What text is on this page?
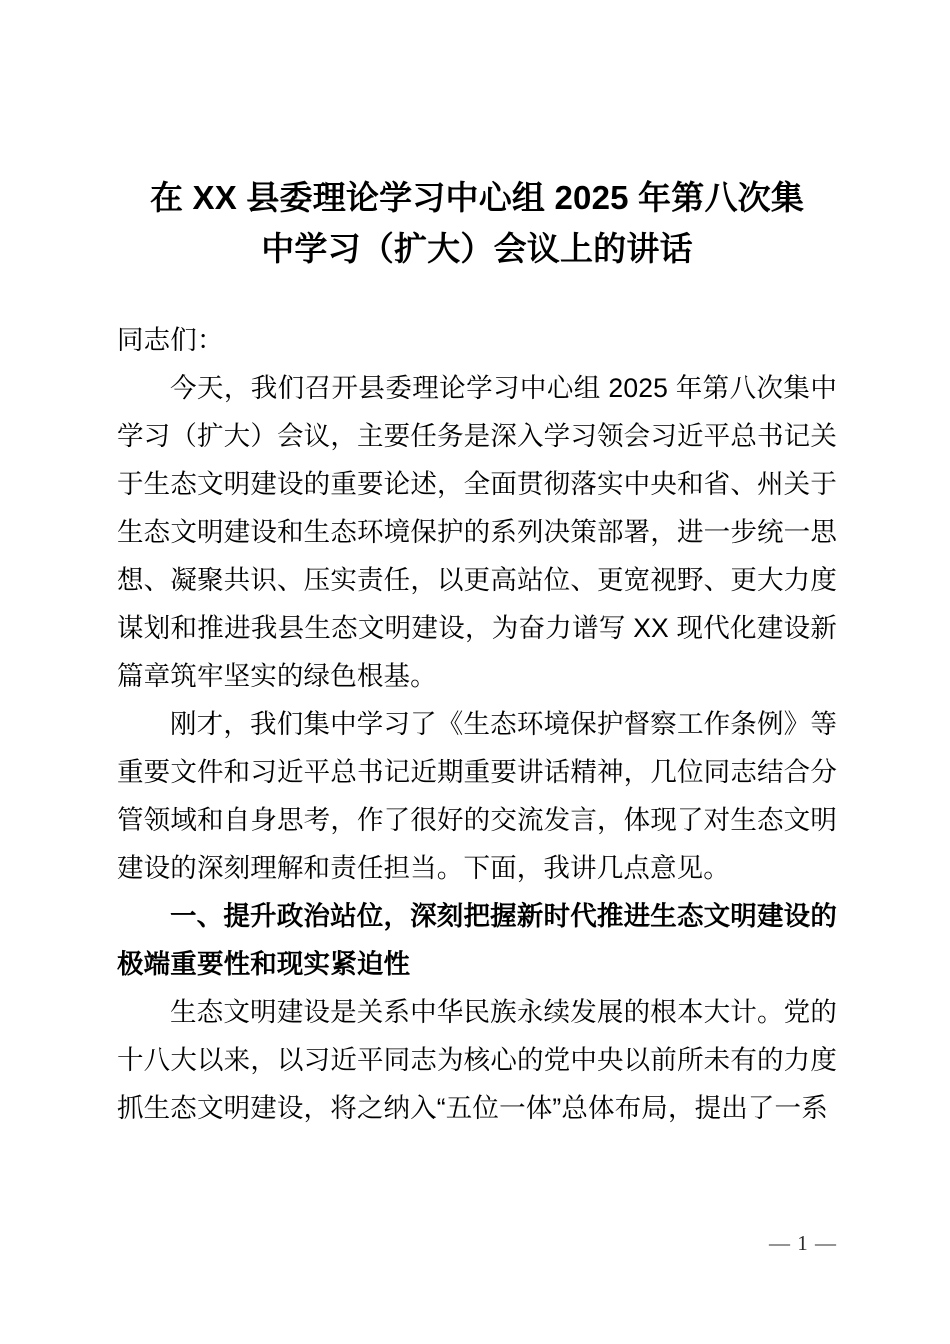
在 XX 县委理论学习中心组 2025 年第八次集
中学习（扩大）会议上的讲话

同志们：

今天，我们召开县委理论学习中心组 2025 年第八次集中学习（扩大）会议，主要任务是深入学习领会习近平总书记关于生态文明建设的重要论述，全面贯彻落实中央和省、州关于生态文明建设和生态环境保护的系列决策部署，进一步统一思想、凝聚共识、压实责任，以更高站位、更宽视野、更大力度谋划和推进我县生态文明建设，为奋力谱写 XX 现代化建设新篇章筑牢坚实的绿色根基。

刚才，我们集中学习了《生态环境保护督察工作条例》等重要文件和习近平总书记近期重要讲话精神，几位同志结合分管领域和自身思考，作了很好的交流发言，体现了对生态文明建设的深刻理解和责任担当。下面，我讲几点意见。

一、提升政治站位，深刻把握新时代推进生态文明建设的极端重要性和现实紧迫性

生态文明建设是关系中华民族永续发展的根本大计。党的十八大以来，以习近平同志为核心的党中央以前所未有的力度抓生态文明建设，将之纳入“五位一体”总体布局，提出了一系

— 1 —
